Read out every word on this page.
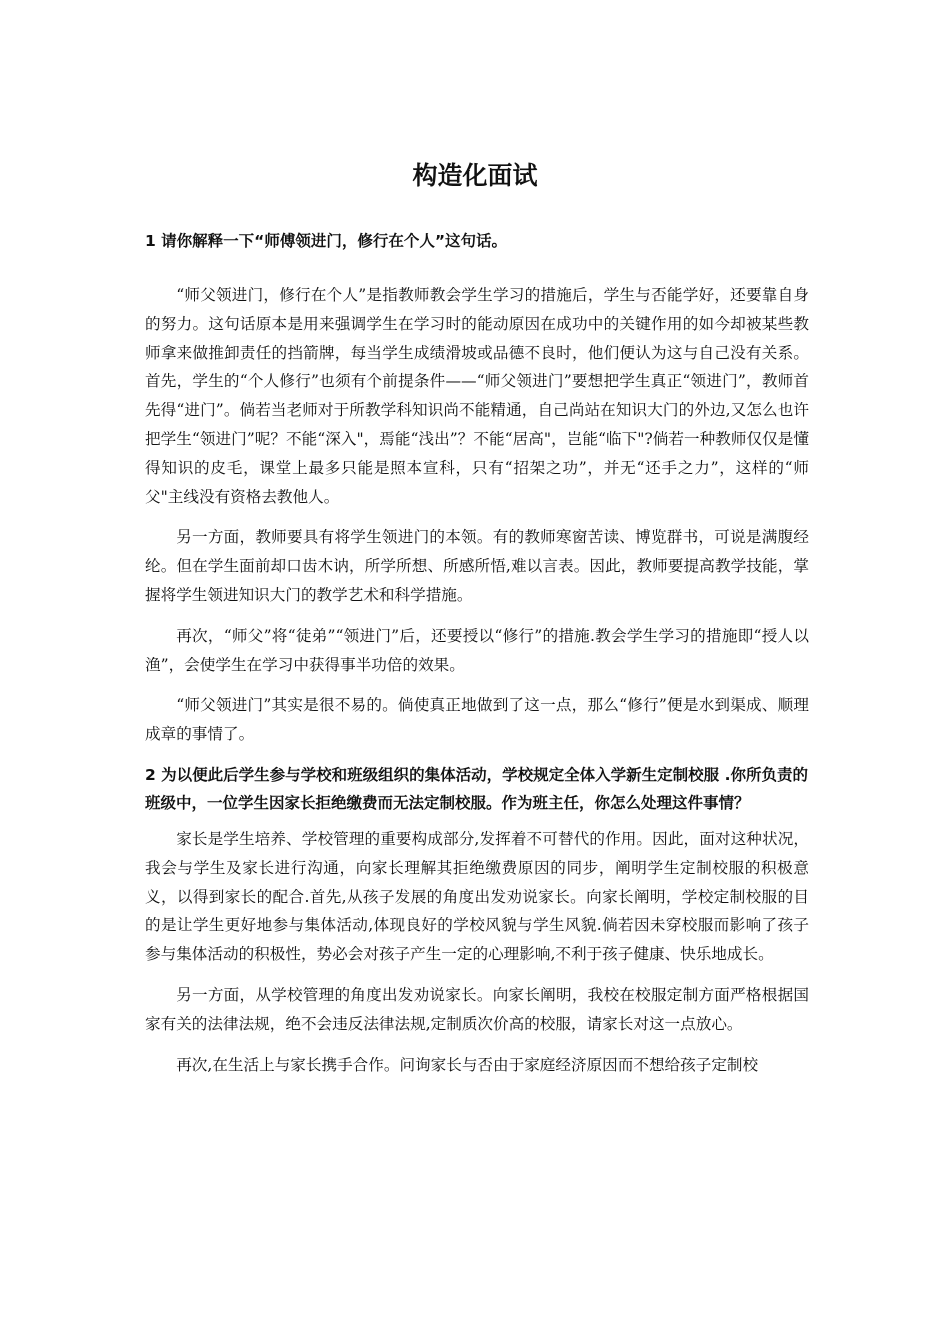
构造化面试

1 请你解释一下“师傅领进门，修行在个人”这句话。

“师父领进门，修行在个人”是指教师教会学生学习的措施后，学生与否能学好，还要靠自身的努力。这句话原本是用来强调学生在学习时的能动原因在成功中的关键作用的如今却被某些教师拿来做推卸责任的挡箭牌，每当学生成绩滑坡或品德不良时，他们便认为这与自己没有关系。首先，学生的“个人修行”也须有个前提条件——“师父领进门”要想把学生真正“领进门”，教师首先得“进门”。倘若当老师对于所教学科知识尚不能精通，自己尚站在知识大门的外边,又怎么也许把学生“领进门”呢？不能“深入"，焉能“浅出”？不能“居高"，岂能“临下"?倘若一种教师仅仅是懂得知识的皮毛，课堂上最多只能是照本宣科，只有“招架之功”，并无“还手之力”，这样的“师父"主线没有资格去教他人。

另一方面，教师要具有将学生领进门的本领。有的教师寒窗苦读、博览群书，可说是满腹经纶。但在学生面前却口齿木讷，所学所想、所感所悟,难以言表。因此，教师要提高教学技能，掌握将学生领进知识大门的教学艺术和科学措施。

再次，“师父”将“徒弟”“领进门”后，还要授以“修行”的措施.教会学生学习的措施即“授人以渔”，会使学生在学习中获得事半功倍的效果。

“师父领进门”其实是很不易的。倘使真正地做到了这一点，那么“修行”便是水到渠成、顺理成章的事情了。

2 为以便此后学生参与学校和班级组织的集体活动，学校规定全体入学新生定制校服 .你所负责的班级中，一位学生因家长拒绝缴费而无法定制校服。作为班主任，你怎么处理这件事情？

家长是学生培养、学校管理的重要构成部分,发挥着不可替代的作用。因此，面对这种状况，我会与学生及家长进行沟通，向家长理解其拒绝缴费原因的同步，阐明学生定制校服的积极意义，以得到家长的配合.首先,从孩子发展的角度出发劝说家长。向家长阐明，学校定制校服的目的是让学生更好地参与集体活动,体现良好的学校风貌与学生风貌.倘若因未穿校服而影响了孩子参与集体活动的积极性，势必会对孩子产生一定的心理影响,不利于孩子健康、快乐地成长。

另一方面，从学校管理的角度出发劝说家长。向家长阐明，我校在校服定制方面严格根据国家有关的法律法规，绝不会违反法律法规,定制质次价高的校服，请家长对这一点放心。

再次,在生活上与家长携手合作。问询家长与否由于家庭经济原因而不想给孩子定制校
